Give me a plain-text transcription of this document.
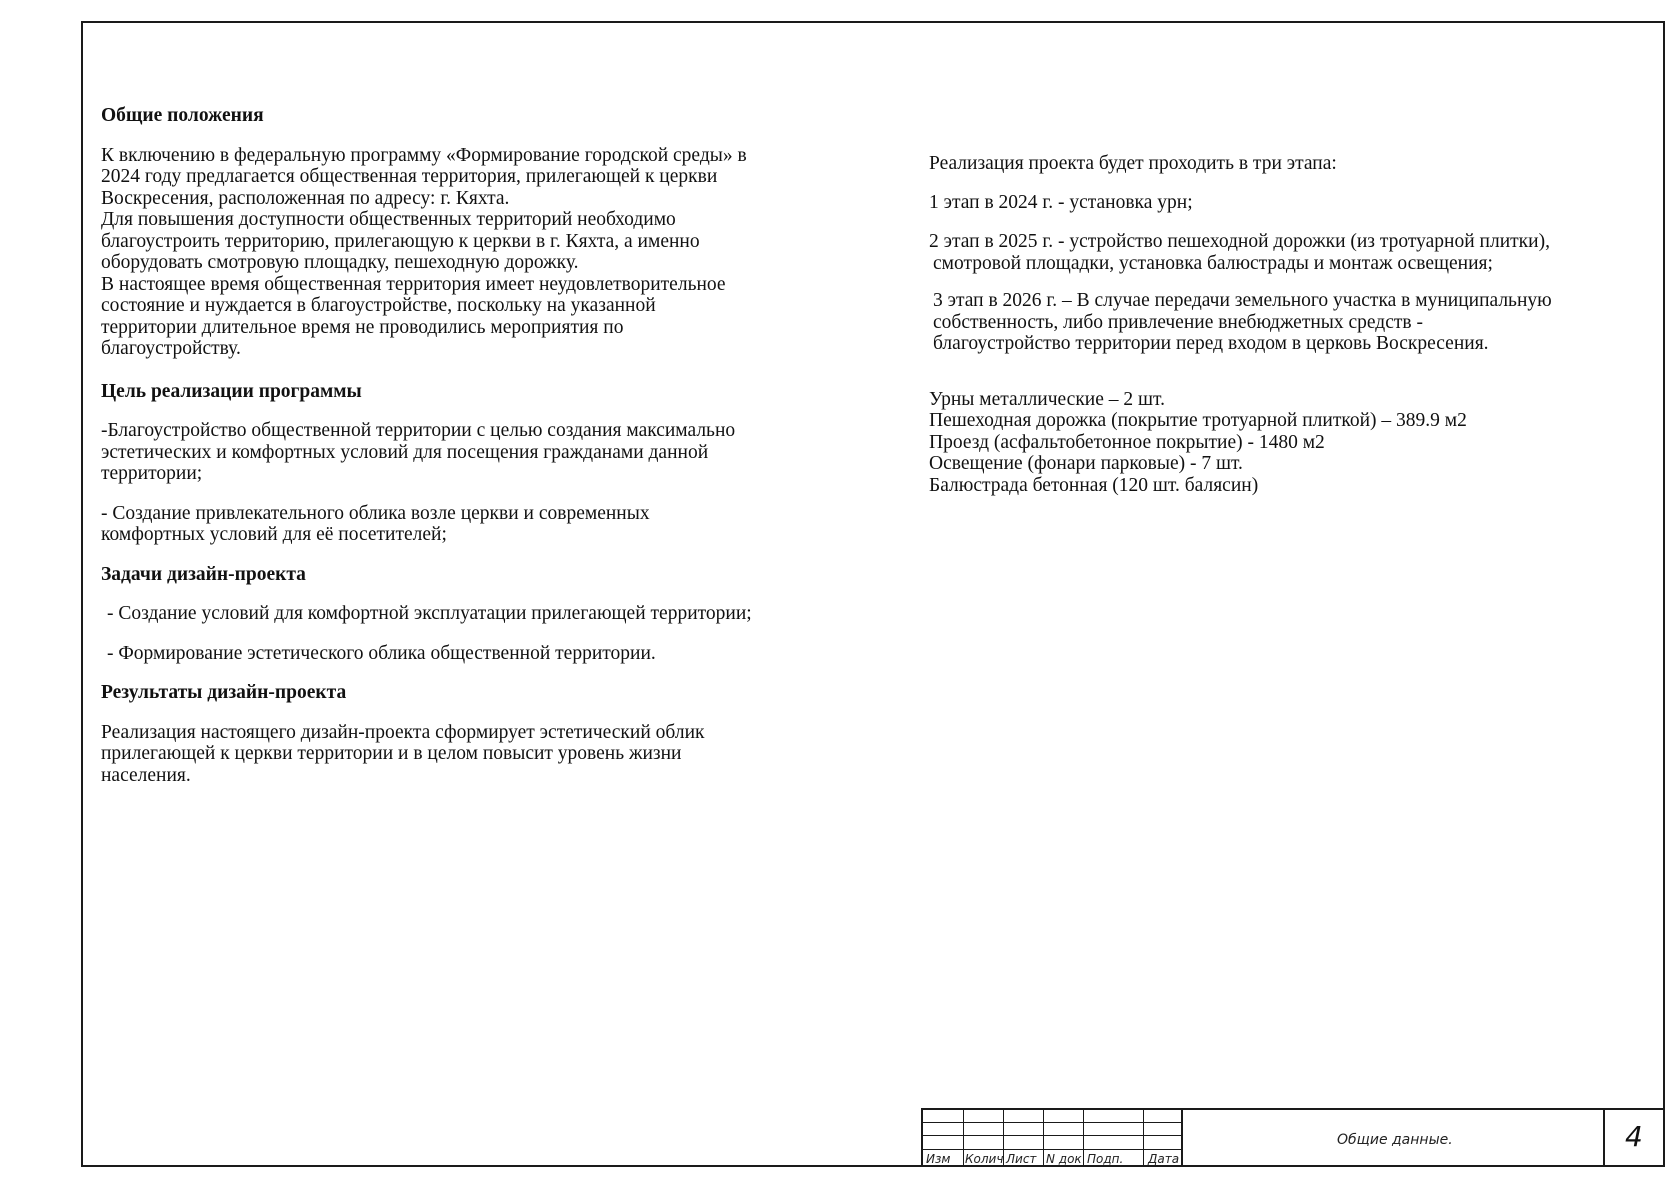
Общие положения

К включению в федеральную программу «Формирование городской среды» в
2024 году предлагается общественная территория, прилегающей к церкви
Воскресения, расположенная по адресу: г. Кяхта.
Для повышения доступности общественных территорий необходимо
благоустроить территорию, прилегающую к церкви в г. Кяхта, а именно
оборудовать смотровую площадку, пешеходную дорожку.
В настоящее время общественная территория имеет неудовлетворительное
состояние и нуждается в благоустройстве, поскольку на указанной
территории длительное время не проводились мероприятия по
благоустройству.

Цель реализации программы

-Благоустройство общественной территории с целью создания максимально
эстетических и комфортных условий для посещения гражданами данной
территории;
- Создание привлекательного облика возле церкви и современных
комфортных условий для её посетителей;

Задачи дизайн-проекта

- Создание условий для комфортной эксплуатации прилегающей территории;
- Формирование эстетического облика общественной территории.

Результаты дизайн-проекта

Реализация настоящего дизайн-проекта сформирует эстетический облик
прилегающей к церкви территории и в целом повысит уровень жизни
населения.
Реализация проекта будет проходить в три этапа:
1 этап в 2024 г. - установка урн;
2 этап в 2025 г. - устройство пешеходной дорожки (из тротуарной плитки),
смотровой площадки, установка балюстрады и монтаж освещения;
3 этап в 2026 г. – В случае передачи земельного участка в муниципальную
собственность, либо привлечение внебюджетных средств -
благоустройство территории перед входом в церковь Воскресения.
Урны металлические – 2 шт.
Пешеходная дорожка (покрытие тротуарной плиткой) – 389.9 м2
Проезд (асфальтобетонное покрытие) - 1480 м2
Освещение (фонари парковые) - 7 шт.
Балюстрада бетонная (120 шт. балясин)
Изм Колич Лист N док Подп. Дата
Общие данные.	4
